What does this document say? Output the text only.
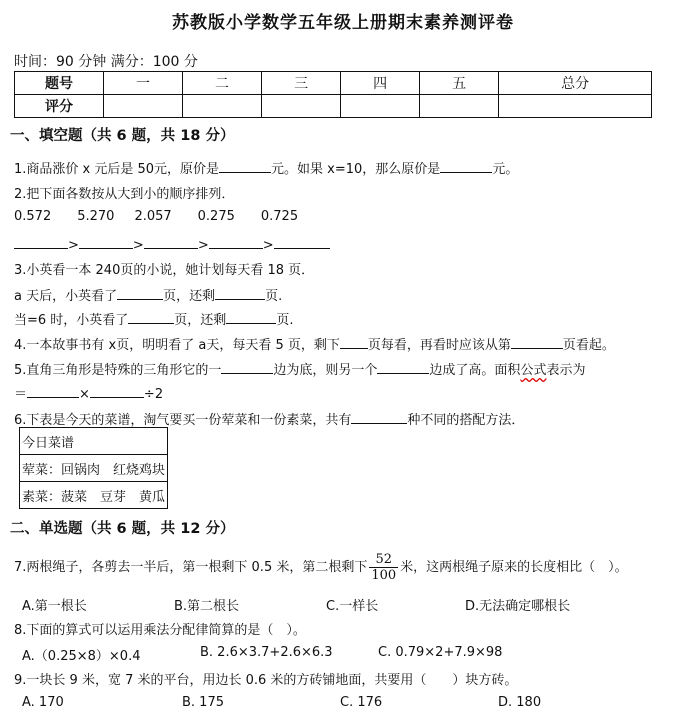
苏教版小学数学五年级上册期末素养测评卷
时间：90 分钟 满分：100 分
题号	一	二	三	四	五	总分
评分						
一、填空题（共 6 题，共 18 分）
1.商品涨价 x 元后是 50元，原价是	元。如果 x=10，那么原价是	元。
2.把下面各数按从大到小的顺序排列．
0.572 5.270 2.057 0.275 0.725
>	>	>	>
3.小英看一本 240页的小说，她计划每天看 18 页．
a 天后，小英看了	页，还剩	页.
当=6 时，小英看了	页，还剩	页.
4.一本故事书有 x页，明明看了 a天，每天看 5 页，剩下 页每看，再看时应该从第	页看起。
5.直角三角形是特殊的三角形它的一	边为底，则另一个	边成了高。面积公式表示为
＝	×	÷2
6.下表是今天的菜谱，淘气要买一份荤菜和一份素菜，共有	种不同的搭配方法．
今日菜谱
荤菜：回锅肉　红烧鸡块
素菜：菠菜　豆芽　黄瓜
二、单选题（共 6 题，共 12 分）
7.两根绳子，各剪去一半后，第一根剩下 0.5 米，第二根剩下 $\frac{52}{100}$ 米，这两根绳子原来的长度相比（　）。
A.第一根长	B.第二根长	C.一样长	D.无法确定哪根长
8.下面的算式可以运用乘法分配律简算的是（　）。
A.（0.25×8）×0.4	B. 2.6×3.7+2.6×6.3	C. 0.79×2+7.9×98
9.一块长 9 米，宽 7 米的平台，用边长 0.6 米的方砖铺地面，共要用（　　）块方砖。
A. 170	B. 175	C. 176	D. 180
